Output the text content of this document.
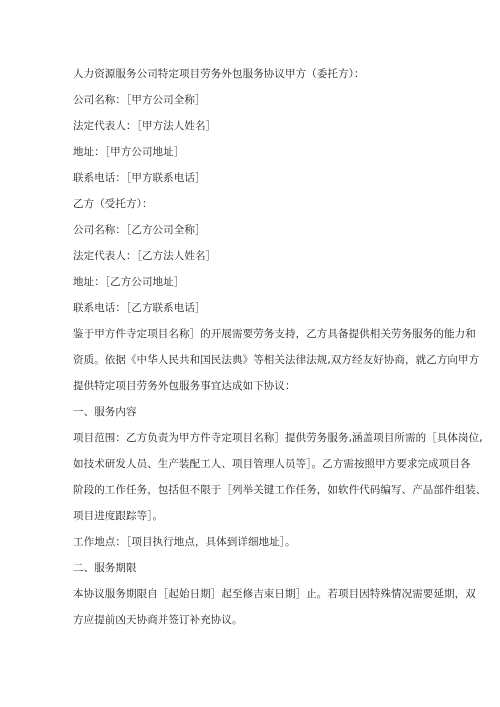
人力资源服务公司特定项目劳务外包服务协议甲方（委托方）：
公司名称：［甲方公司全称］
法定代表人：［甲方法人姓名］
地址：［甲方公司地址］
联系电话：［甲方联系电话］
乙方（受托方）：
公司名称：［乙方公司全称］
法定代表人：［乙方法人姓名］
地址：［乙方公司地址］
联系电话：［乙方联系电话］
鉴于甲方件寺定项目名称］的开展需要劳务支持，乙方具备提供相关劳务服务的能力和
资质。依据《中华人民共和国民法典》等相关法律法规,双方经友好协商，就乙方向甲方
提供特定项目劳务外包服务事宜达成如下协议：
一、服务内容
项目范围：乙方负责为甲方件寺定项目名称］提供劳务服务,涵盖项目所需的［具体岗位,
如技术研发人员、生产装配工人、项目管理人员等］。乙方需按照甲方要求完成项目各
阶段的工作任务，包括但不限于［列举关键工作任务，如软件代码编写、产品部件组装、
项目进度跟踪等］。
工作地点：［项目执行地点，具体到详细地址］。
二、服务期限
本协议服务期限自［起始日期］起至修吉束日期］止。若项目因特殊情况需要延期，双
方应提前凶天协商并签订补充协议。
